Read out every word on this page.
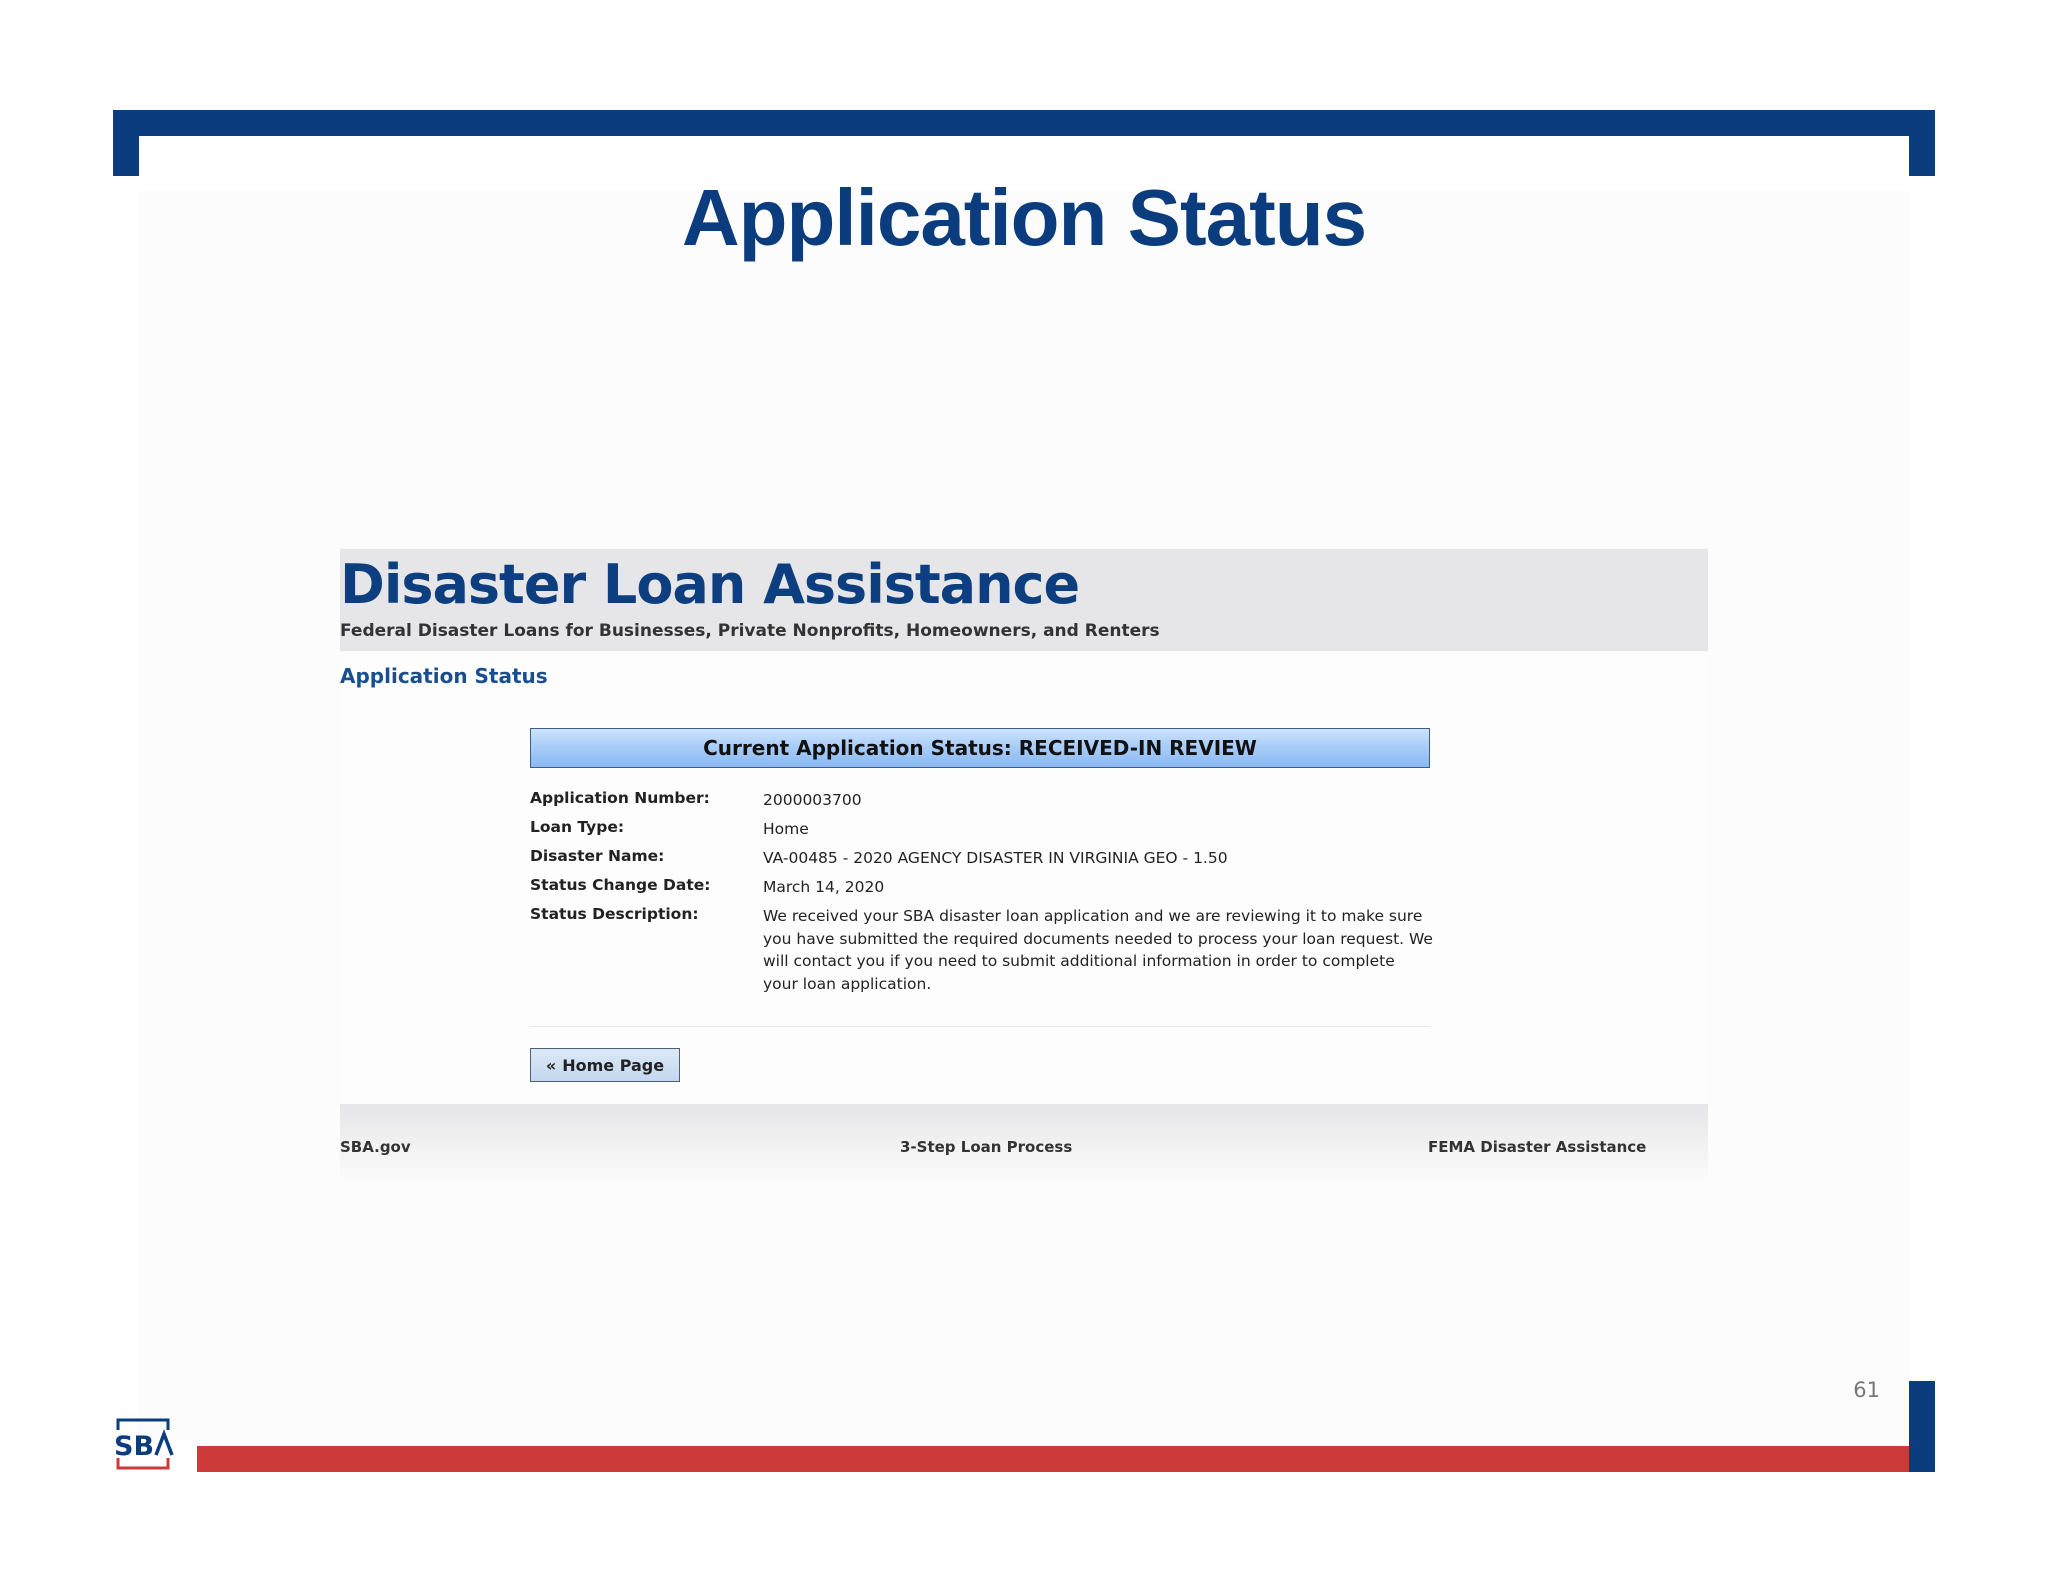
Application Status
Disaster Loan Assistance
Federal Disaster Loans for Businesses, Private Nonprofits, Homeowners, and Renters
Application Status
Current Application Status: RECEIVED-IN REVIEW
Application Number:	2000003700
Loan Type:	Home
Disaster Name:	VA-00485 - 2020 AGENCY DISASTER IN VIRGINIA GEO - 1.50
Status Change Date:	March 14, 2020
Status Description:	We received your SBA disaster loan application and we are reviewing it to make sure you have submitted the required documents needed to process your loan request. We will contact you if you need to submit additional information in order to complete your loan application.
« Home Page
SBA.gov	3-Step Loan Process	FEMA Disaster Assistance
61
SB
